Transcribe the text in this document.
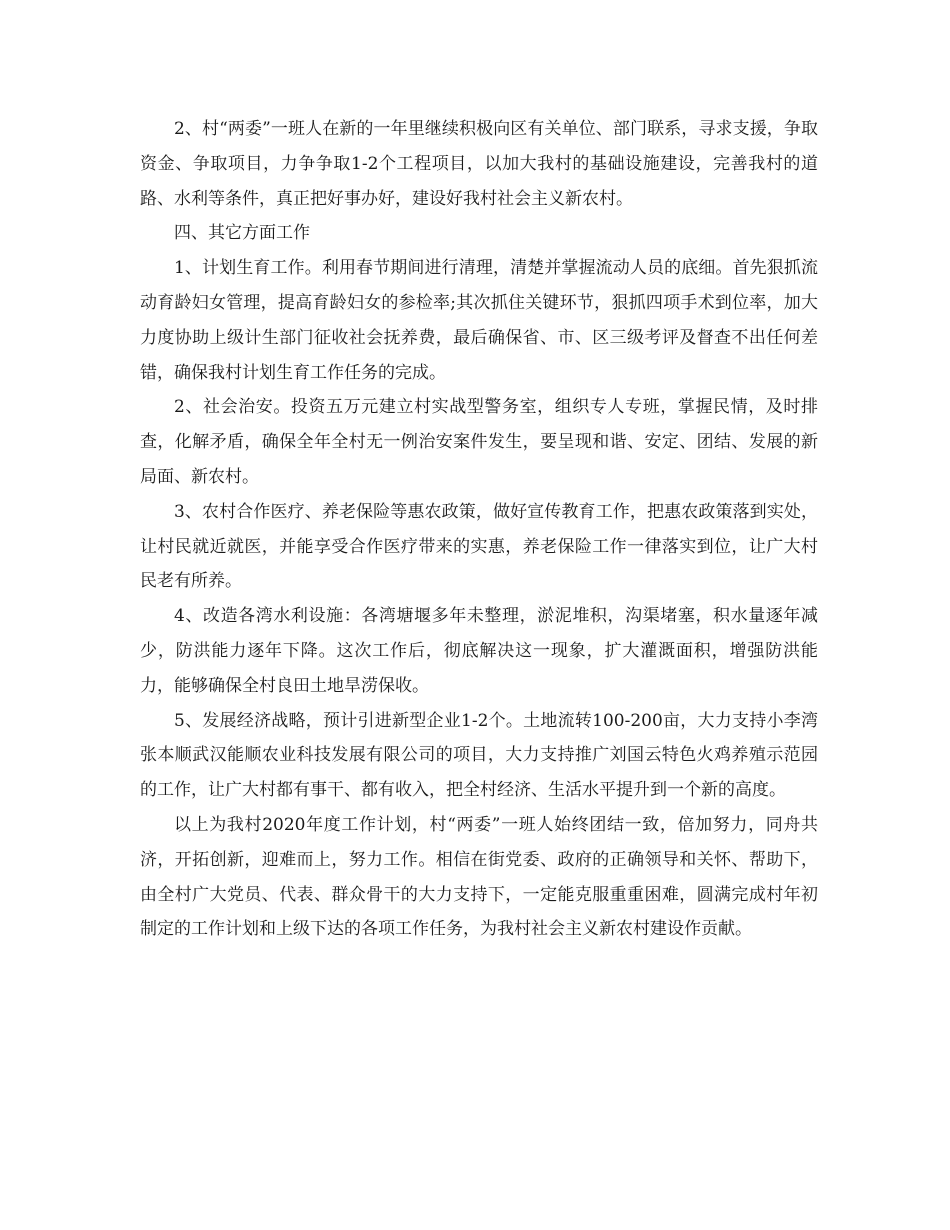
2、村“两委”一班人在新的一年里继续积极向区有关单位、部门联系，寻求支援，争取资金、争取项目，力争争取1-2个工程项目，以加大我村的基础设施建设，完善我村的道路、水利等条件，真正把好事办好，建设好我村社会主义新农村。

四、其它方面工作

1、计划生育工作。利用春节期间进行清理，清楚并掌握流动人员的底细。首先狠抓流动育龄妇女管理，提高育龄妇女的参检率;其次抓住关键环节，狠抓四项手术到位率，加大力度协助上级计生部门征收社会抚养费，最后确保省、市、区三级考评及督查不出任何差错，确保我村计划生育工作任务的完成。

2、社会治安。投资五万元建立村实战型警务室，组织专人专班，掌握民情，及时排查，化解矛盾，确保全年全村无一例治安案件发生，要呈现和谐、安定、团结、发展的新局面、新农村。

3、农村合作医疗、养老保险等惠农政策，做好宣传教育工作，把惠农政策落到实处，让村民就近就医，并能享受合作医疗带来的实惠，养老保险工作一律落实到位，让广大村民老有所养。

4、改造各湾水利设施：各湾塘堰多年未整理，淤泥堆积，沟渠堵塞，积水量逐年减少，防洪能力逐年下降。这次工作后，彻底解决这一现象，扩大灌溉面积，增强防洪能力，能够确保全村良田土地旱涝保收。

5、发展经济战略，预计引进新型企业1-2个。土地流转100-200亩，大力支持小李湾张本顺武汉能顺农业科技发展有限公司的项目，大力支持推广刘国云特色火鸡养殖示范园的工作，让广大村都有事干、都有收入，把全村经济、生活水平提升到一个新的高度。

以上为我村2020年度工作计划，村“两委”一班人始终团结一致，倍加努力，同舟共济，开拓创新，迎难而上，努力工作。相信在街党委、政府的正确领导和关怀、帮助下，由全村广大党员、代表、群众骨干的大力支持下，一定能克服重重困难，圆满完成村年初制定的工作计划和上级下达的各项工作任务，为我村社会主义新农村建设作贡献。
